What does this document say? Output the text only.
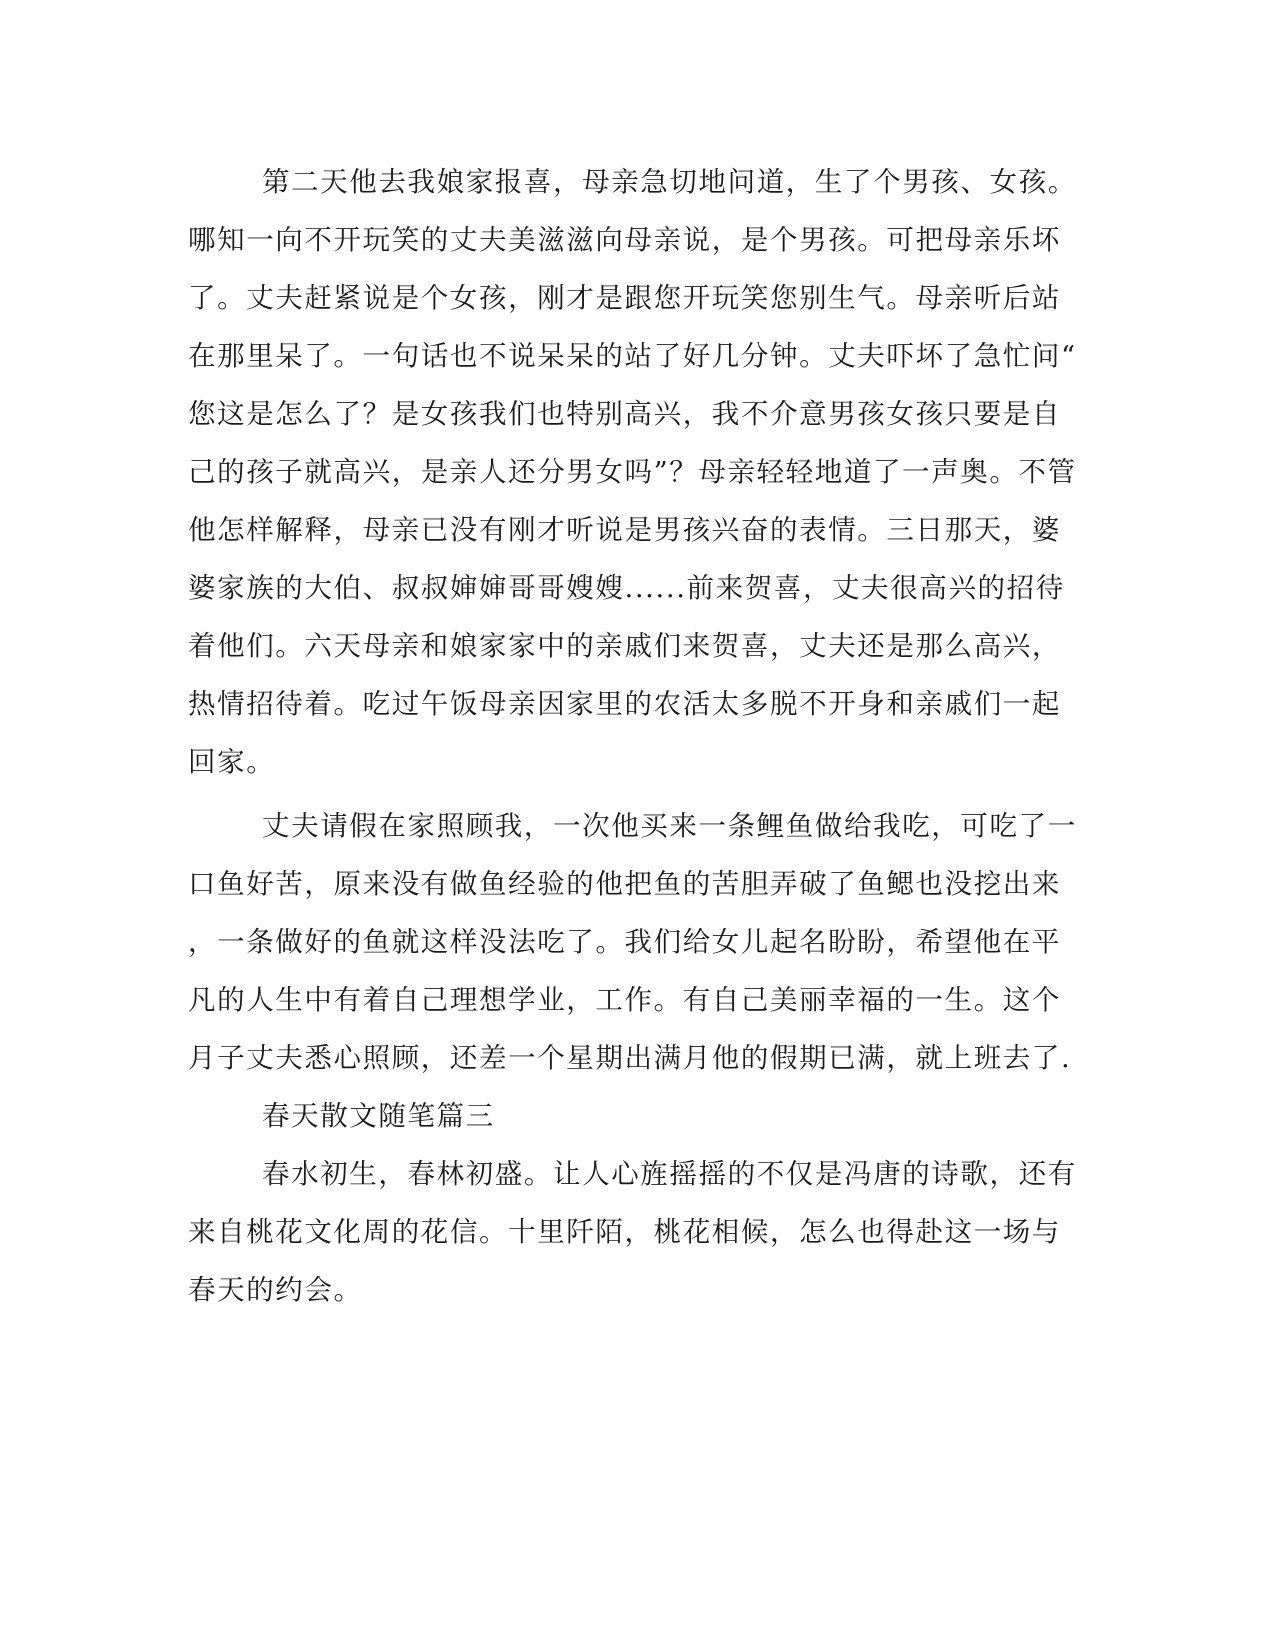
第二天他去我娘家报喜，母亲急切地问道，生了个男孩、女孩。
哪知一向不开玩笑的丈夫美滋滋向母亲说，是个男孩。可把母亲乐坏
了。丈夫赶紧说是个女孩，刚才是跟您开玩笑您别生气。母亲听后站
在那里呆了。一句话也不说呆呆的站了好几分钟。丈夫吓坏了急忙问“
您这是怎么了？是女孩我们也特别高兴，我不介意男孩女孩只要是自
己的孩子就高兴，是亲人还分男女吗”？母亲轻轻地道了一声奥。不管
他怎样解释，母亲已没有刚才听说是男孩兴奋的表情。三日那天，婆
婆家族的大伯、叔叔婶婶哥哥嫂嫂......前来贺喜，丈夫很高兴的招待
着他们。六天母亲和娘家家中的亲戚们来贺喜，丈夫还是那么高兴，
热情招待着。吃过午饭母亲因家里的农活太多脱不开身和亲戚们一起
回家。
丈夫请假在家照顾我，一次他买来一条鲤鱼做给我吃，可吃了一
口鱼好苦，原来没有做鱼经验的他把鱼的苦胆弄破了鱼鳃也没挖出来
，一条做好的鱼就这样没法吃了。我们给女儿起名盼盼，希望他在平
凡的人生中有着自己理想学业，工作。有自己美丽幸福的一生。这个
月子丈夫悉心照顾，还差一个星期出满月他的假期已满，就上班去了.
春天散文随笔篇三
春水初生，春林初盛。让人心旌摇摇的不仅是冯唐的诗歌，还有
来自桃花文化周的花信。十里阡陌，桃花相候，怎么也得赴这一场与
春天的约会。
